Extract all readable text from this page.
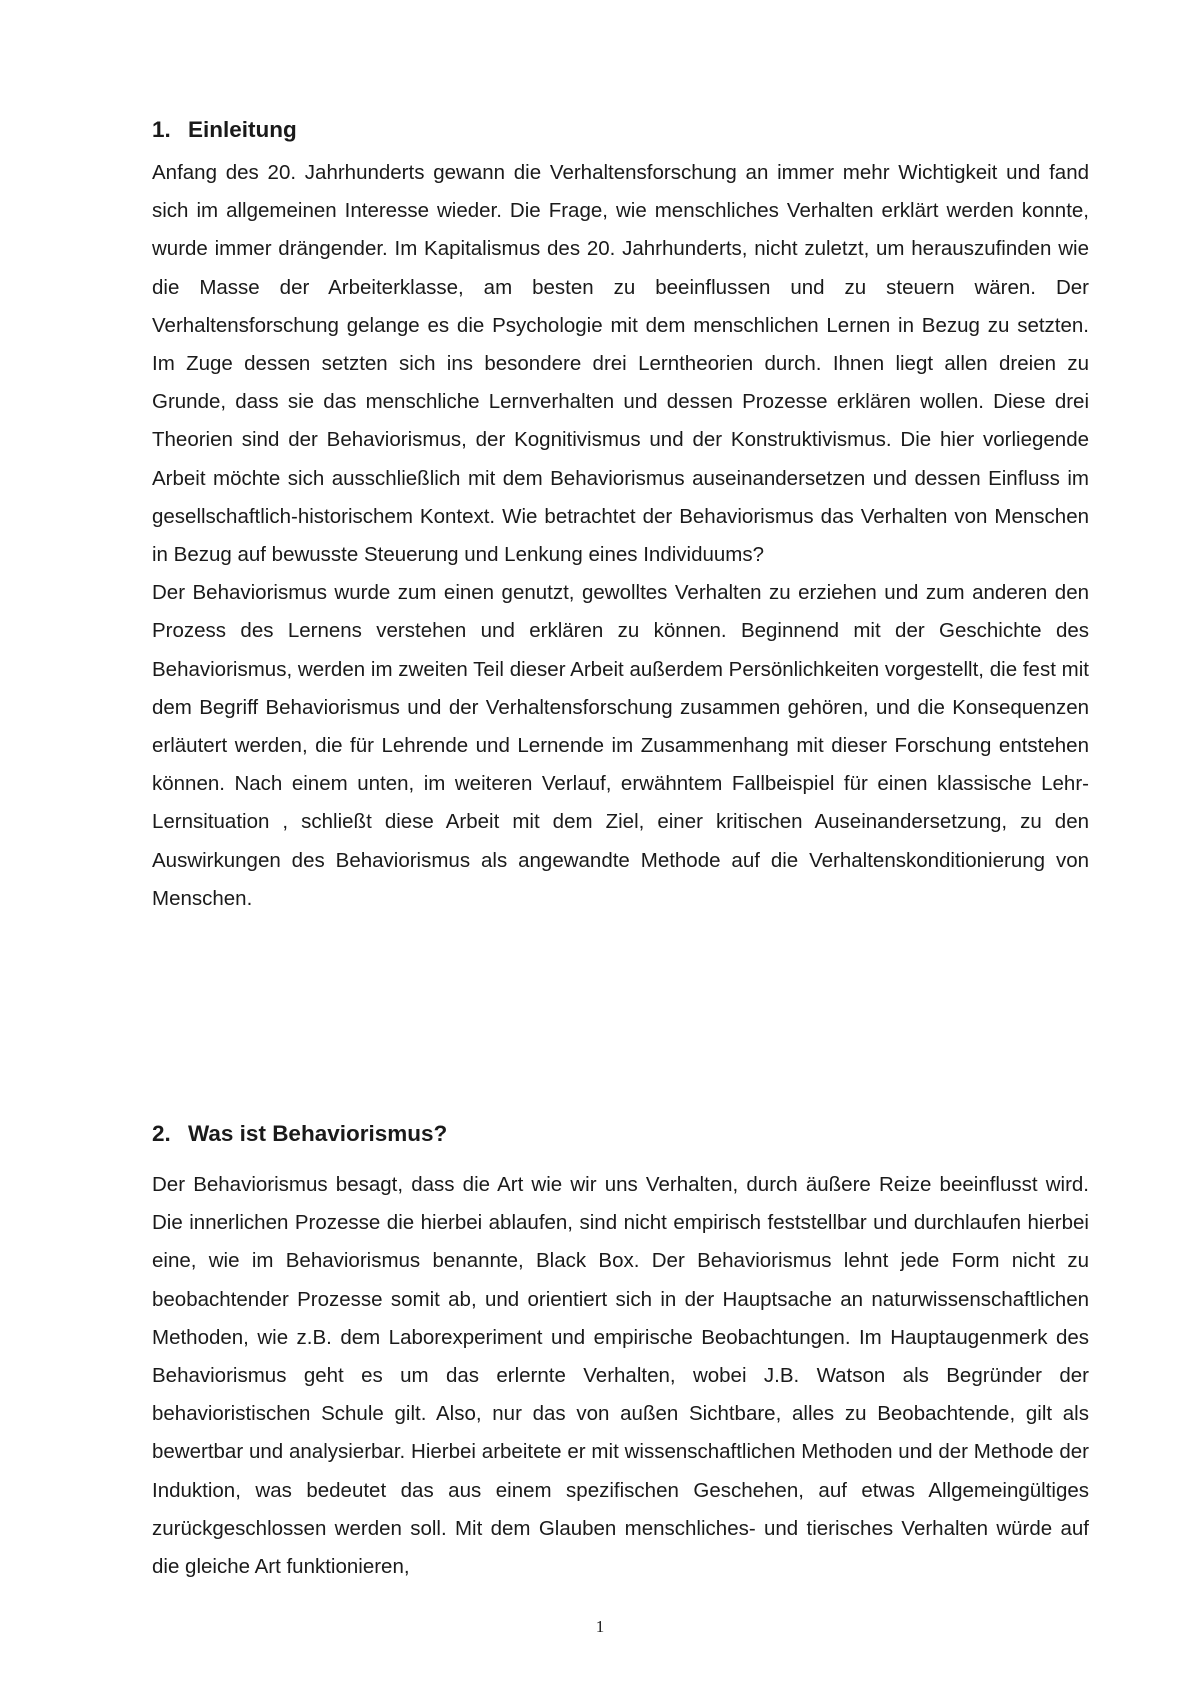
1. Einleitung

Anfang des 20. Jahrhunderts gewann die Verhaltensforschung an immer mehr Wichtigkeit und fand sich im allgemeinen Interesse wieder. Die Frage, wie menschliches Verhalten erklärt werden konnte, wurde immer drängender. Im Kapitalismus des 20. Jahrhunderts, nicht zuletzt, um herauszufinden wie die Masse der Arbeiterklasse, am besten zu beeinflussen und zu steuern wären. Der Verhaltensforschung gelange es die Psychologie mit dem menschlichen Lernen in Bezug zu setzten. Im Zuge dessen setzten sich ins besondere drei Lerntheorien durch. Ihnen liegt allen dreien zu Grunde, dass sie das menschliche Lernverhalten und dessen Prozesse erklären wollen. Diese drei Theorien sind der Behaviorismus, der Kognitivismus und der Konstruktivismus. Die hier vorliegende Arbeit möchte sich ausschließlich mit dem Behaviorismus auseinandersetzen und dessen Einfluss im gesellschaftlich-historischem Kontext. Wie betrachtet der Behaviorismus das Verhalten von Menschen in Bezug auf bewusste Steuerung und Lenkung eines Individuums?

Der Behaviorismus wurde zum einen genutzt, gewolltes Verhalten zu erziehen und zum anderen den Prozess des Lernens verstehen und erklären zu können. Beginnend mit der Geschichte des Behaviorismus, werden im zweiten Teil dieser Arbeit außerdem Persönlichkeiten vorgestellt, die fest mit dem Begriff Behaviorismus und der Verhaltensforschung zusammen gehören, und die Konsequenzen erläutert werden, die für Lehrende und Lernende im Zusammenhang mit dieser Forschung entstehen können. Nach einem unten, im weiteren Verlauf, erwähntem Fallbeispiel für einen klassische Lehr-Lernsituation , schließt diese Arbeit mit dem Ziel, einer kritischen Auseinandersetzung, zu den Auswirkungen des Behaviorismus als angewandte Methode auf die Verhaltenskonditionierung von Menschen.

2. Was ist Behaviorismus?

Der Behaviorismus besagt, dass die Art wie wir uns Verhalten, durch äußere Reize beeinflusst wird. Die innerlichen Prozesse die hierbei ablaufen, sind nicht empirisch feststellbar und durchlaufen hierbei eine, wie im Behaviorismus benannte, Black Box. Der Behaviorismus lehnt jede Form nicht zu beobachtender Prozesse somit ab, und orientiert sich in der Hauptsache an naturwissenschaftlichen Methoden, wie z.B. dem Laborexperiment und empirische Beobachtungen. Im Hauptaugenmerk des Behaviorismus geht es um das erlernte Verhalten, wobei J.B. Watson als Begründer der behavioristischen Schule gilt. Also, nur das von außen Sichtbare, alles zu Beobachtende, gilt als bewertbar und analysierbar. Hierbei arbeitete er mit wissenschaftlichen Methoden und der Methode der Induktion, was bedeutet das aus einem spezifischen Geschehen, auf etwas Allgemeingültiges zurückgeschlossen werden soll. Mit dem Glauben menschliches- und tierisches Verhalten würde auf die gleiche Art funktionieren,

1
